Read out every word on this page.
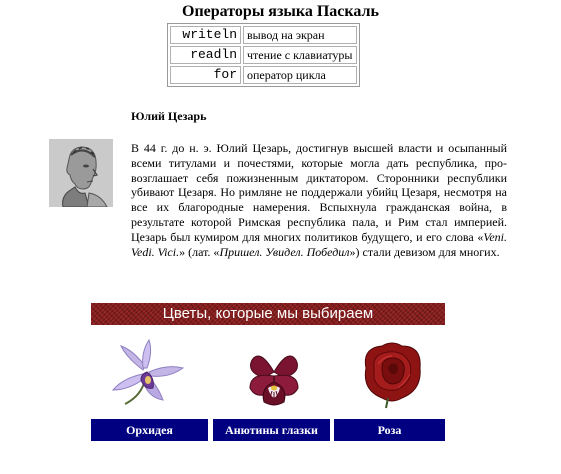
Операторы языка Паскаль
writeln	вывод на экран
readln	чтение с клавиатуры
for	оператор цикла
Юлий Цезарь
В 44 г. до н. э. Юлий Цезарь, достигнув высшей власти и осыпанный всеми титулами и почестями, которые могла дать республика, про-возглашает себя пожизненным диктатором. Сторонники республики убивают Цезаря. Но римляне не поддержали убийц Цезаря, несмотря на все их благородные намерения. Вспыхнула гражданская война, в результате которой Римская республика пала, и Рим стал империей. Цезарь был кумиром для многих политиков будущего, и его слова «Veni. Vedi. Vici.» (лат. «Пришел. Увидел. Победил») стали девизом для многих.
Цветы, которые мы выбираем
Орхидея	Анютины глазки	Роза
